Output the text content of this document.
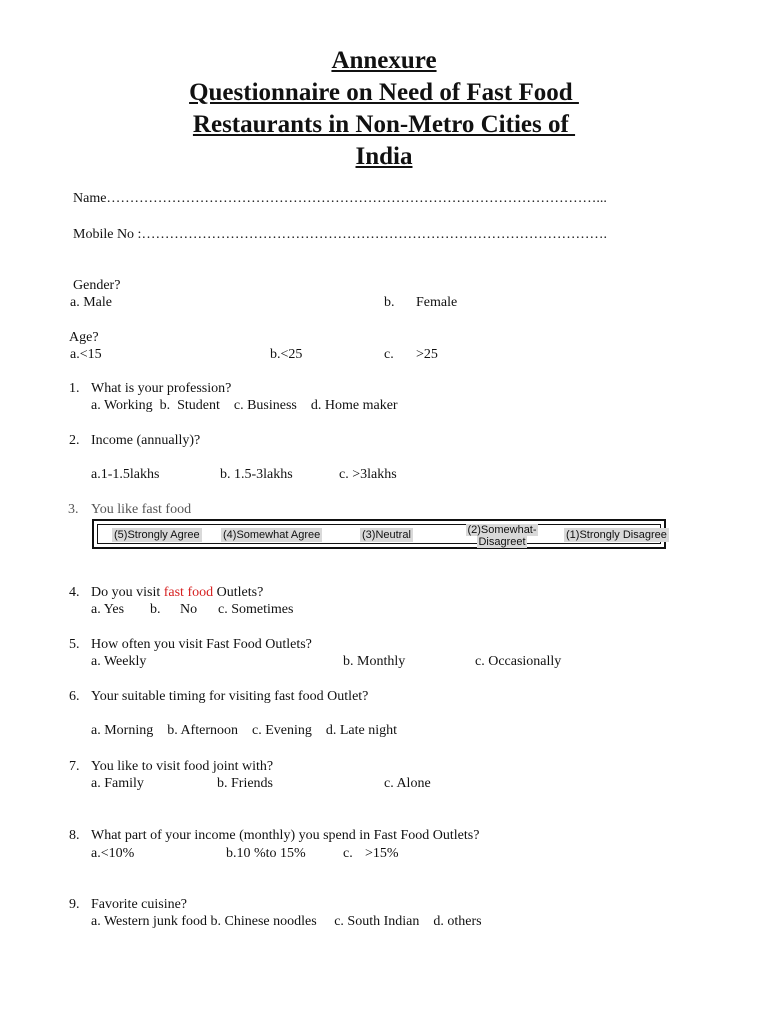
Annexure
Questionnaire on Need of Fast Food
Restaurants in Non-Metro Cities of
India
Name……………………………………………………………………………………………...
Mobile No :……………………………………………………………………………………….
Gender?
a. Male	b. Female
Age?
a.<15	b.<25	c. >25
1. What is your profession?
a. Working  b.  Student    c. Business    d. Home maker
2. Income (annually)?
a.1-1.5lakhs	b. 1.5-3lakhs	c. >3lakhs
3. You like fast food
(5)Strongly Agree (4)Somewhat Agree	(3)Neutral	(2)Somewhat-
Disagreet
(1)Strongly Disagree
4. Do you visit fast food Outlets?
a. Yes b. No c. Sometimes
5. How often you visit Fast Food Outlets?
a. Weekly	b. Monthly	c. Occasionally
6. Your suitable timing for visiting fast food Outlet?
a. Morning    b. Afternoon    c. Evening    d. Late night
7. You like to visit food joint with?
a. Family	b. Friends	c. Alone
8. What part of your income (monthly) you spend in Fast Food Outlets?
a.<10%	b.10 %to 15%	c. >15%
9. Favorite cuisine?
a. Western junk food b. Chinese noodles     c. South Indian    d. others
